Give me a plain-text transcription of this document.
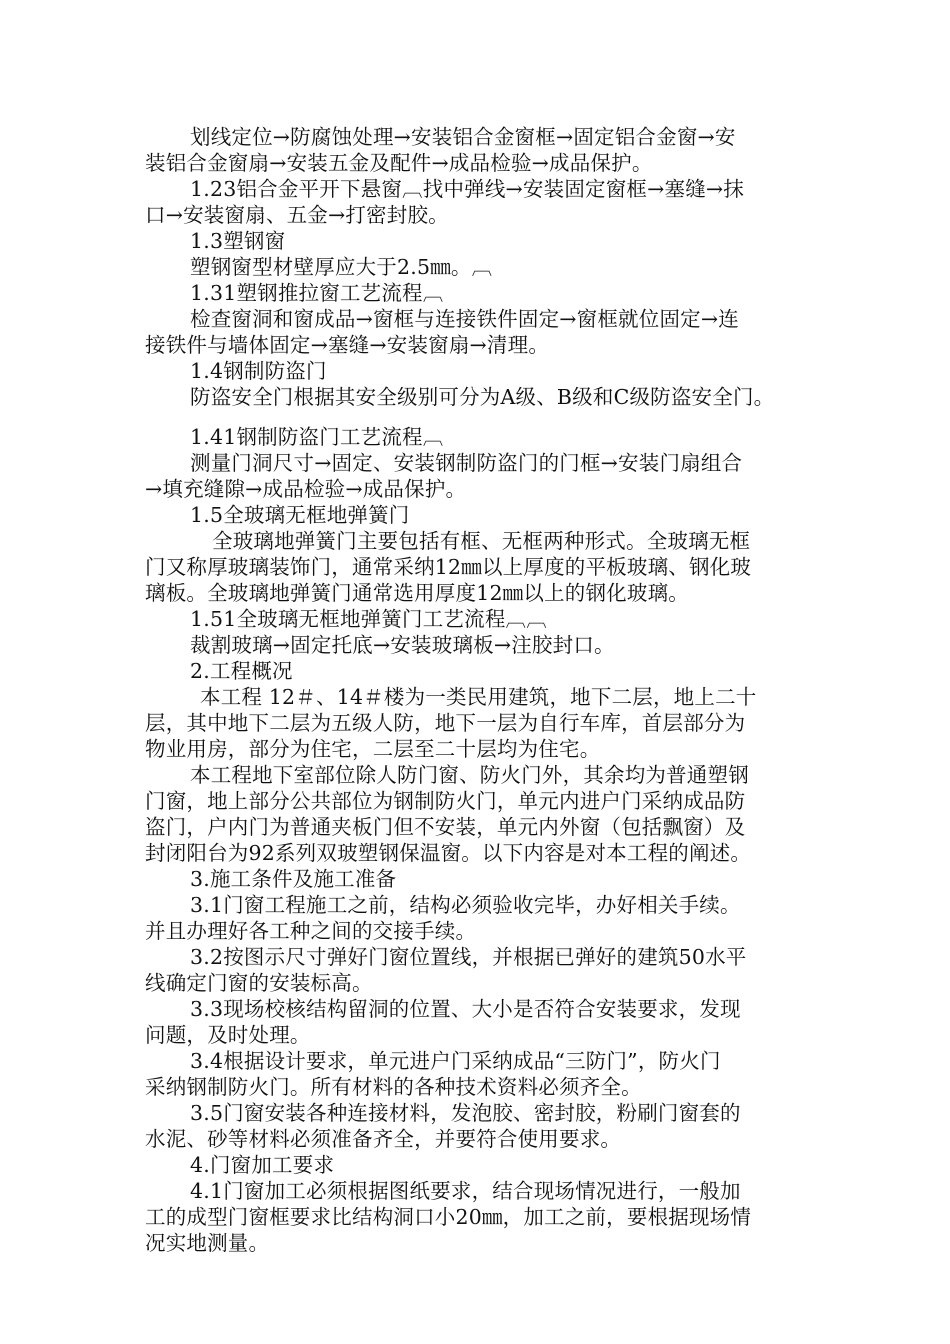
划线定位→防腐蚀处理→安装铝合金窗框→固定铝合金窗→安
装铝合金窗扇→安装五金及配件→成品检验→成品保护。
1.23铝合金平开下悬窗︹找中弹线→安装固定窗框→塞缝→抹
口→安装窗扇、五金→打密封胶。
1.3塑钢窗
塑钢窗型材壁厚应大于2.5㎜。︹
1.31塑钢推拉窗工艺流程︹
检查窗洞和窗成品→窗框与连接铁件固定→窗框就位固定→连
接铁件与墙体固定→塞缝→安装窗扇→清理。
1.4钢制防盗门
防盗安全门根据其安全级别可分为A级、B级和C级防盗安全门。
1.41钢制防盗门工艺流程︹
测量门洞尺寸→固定、安装钢制防盗门的门框→安装门扇组合
→填充缝隙→成品检验→成品保护。
1.5全玻璃无框地弹簧门
全玻璃地弹簧门主要包括有框、无框两种形式。全玻璃无框
门又称厚玻璃装饰门，通常采纳12㎜以上厚度的平板玻璃、钢化玻
璃板。全玻璃地弹簧门通常选用厚度12㎜以上的钢化玻璃。
1.51全玻璃无框地弹簧门工艺流程︹︹
裁割玻璃→固定托底→安装玻璃板→注胶封口。
2.工程概况
本工程 12＃、14＃楼为一类民用建筑，地下二层，地上二十
层，其中地下二层为五级人防，地下一层为自行车库，首层部分为
物业用房，部分为住宅，二层至二十层均为住宅。
本工程地下室部位除人防门窗、防火门外，其余均为普通塑钢
门窗，地上部分公共部位为钢制防火门，单元内进户门采纳成品防
盗门，户内门为普通夹板门但不安装，单元内外窗（包括飘窗）及
封闭阳台为92系列双玻塑钢保温窗。以下内容是对本工程的阐述。
3.施工条件及施工准备
3.1门窗工程施工之前，结构必须验收完毕，办好相关手续。
并且办理好各工种之间的交接手续。
3.2按图示尺寸弹好门窗位置线，并根据已弹好的建筑50水平
线确定门窗的安装标高。
3.3现场校核结构留洞的位置、大小是否符合安装要求，发现
问题，及时处理。
3.4根据设计要求，单元进户门采纳成品“三防门”，防火门
采纳钢制防火门。所有材料的各种技术资料必须齐全。
3.5门窗安装各种连接材料，发泡胶、密封胶，粉刷门窗套的
水泥、砂等材料必须准备齐全，并要符合使用要求。
4.门窗加工要求
4.1门窗加工必须根据图纸要求，结合现场情况进行，一般加
工的成型门窗框要求比结构洞口小20㎜，加工之前，要根据现场情
况实地测量。
